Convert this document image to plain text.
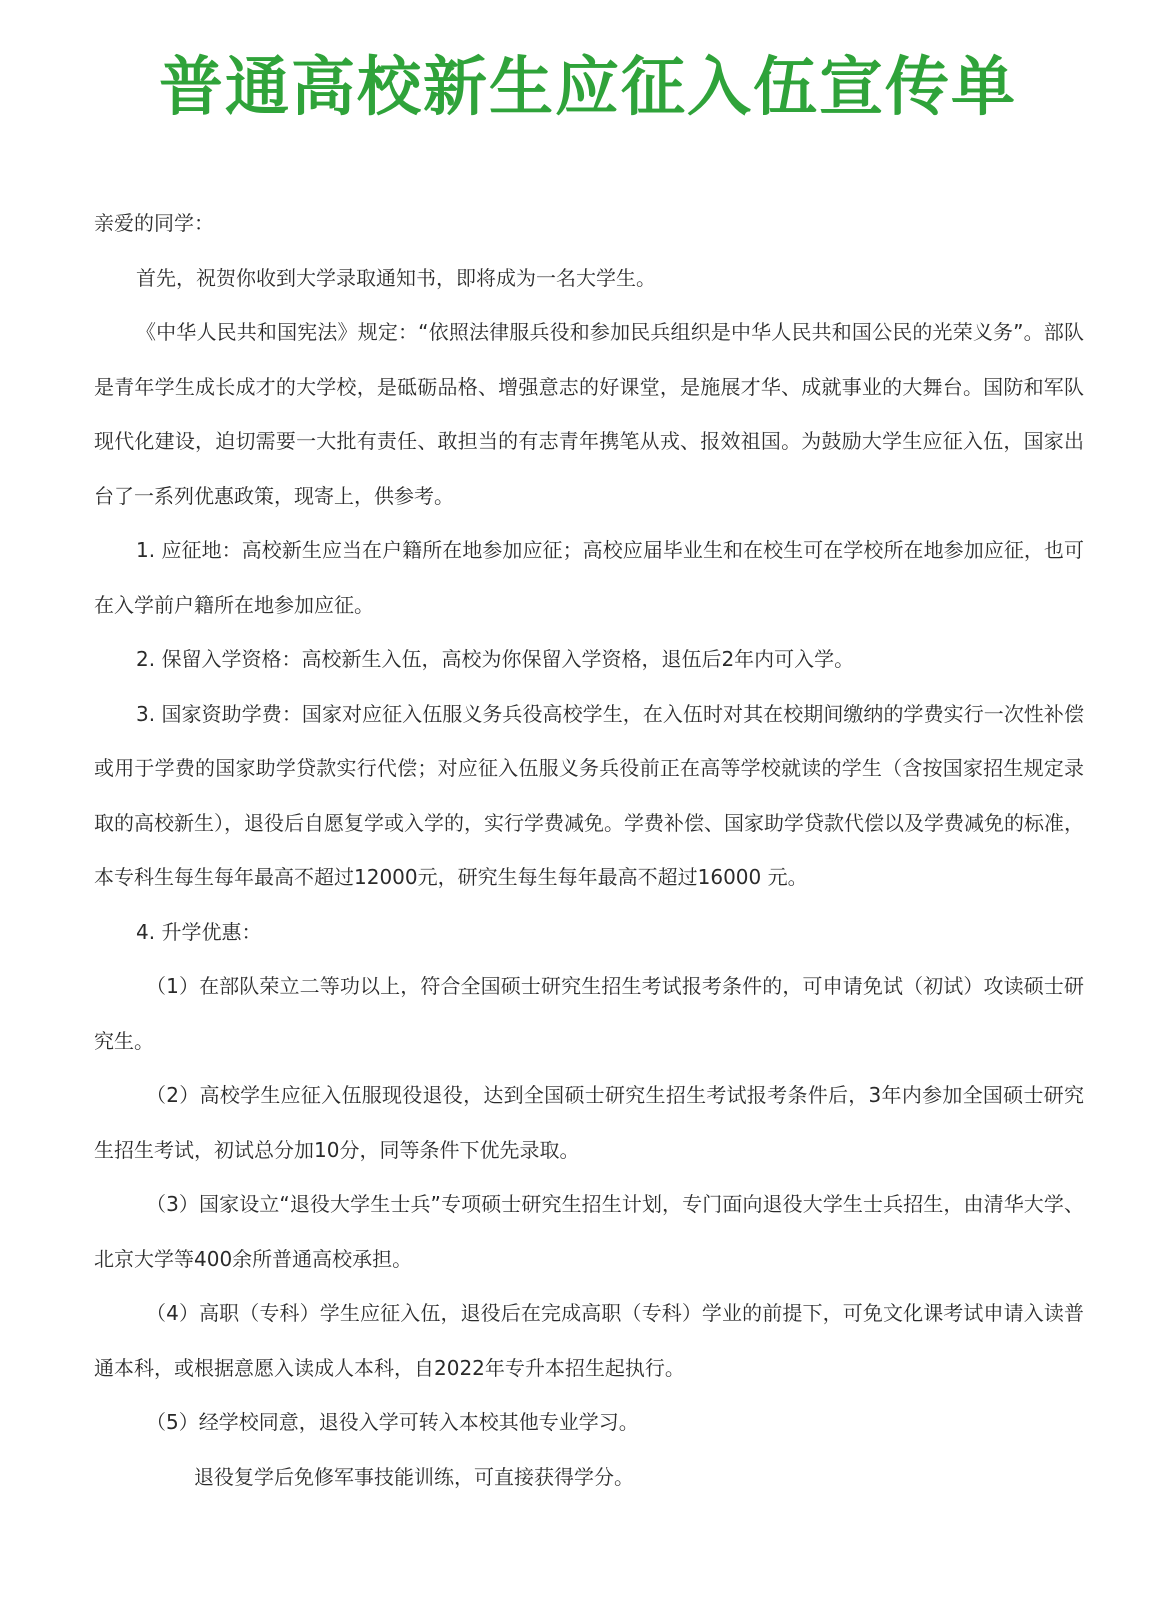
普通高校新生应征入伍宣传单

亲爱的同学：

首先，祝贺你收到大学录取通知书，即将成为一名大学生。

《中华人民共和国宪法》规定：“依照法律服兵役和参加民兵组织是中华人民共和国公民的光荣义务”。部队是青年学生成长成才的大学校，是砥砺品格、增强意志的好课堂，是施展才华、成就事业的大舞台。国防和军队现代化建设，迫切需要一大批有责任、敢担当的有志青年携笔从戎、报效祖国。为鼓励大学生应征入伍，国家出台了一系列优惠政策，现寄上，供参考。

1. 应征地：高校新生应当在户籍所在地参加应征；高校应届毕业生和在校生可在学校所在地参加应征，也可在入学前户籍所在地参加应征。

2. 保留入学资格：高校新生入伍，高校为你保留入学资格，退伍后2年内可入学。

3. 国家资助学费：国家对应征入伍服义务兵役高校学生，在入伍时对其在校期间缴纳的学费实行一次性补偿或用于学费的国家助学贷款实行代偿；对应征入伍服义务兵役前正在高等学校就读的学生（含按国家招生规定录取的高校新生），退役后自愿复学或入学的，实行学费减免。学费补偿、国家助学贷款代偿以及学费减免的标准，本专科生每生每年最高不超过12000元，研究生每生每年最高不超过16000 元。

4. 升学优惠：

（1）在部队荣立二等功以上，符合全国硕士研究生招生考试报考条件的，可申请免试（初试）攻读硕士研究生。

（2）高校学生应征入伍服现役退役，达到全国硕士研究生招生考试报考条件后，3年内参加全国硕士研究生招生考试，初试总分加10分，同等条件下优先录取。

（3）国家设立“退役大学生士兵”专项硕士研究生招生计划，专门面向退役大学生士兵招生，由清华大学、北京大学等400余所普通高校承担。

（4）高职（专科）学生应征入伍，退役后在完成高职（专科）学业的前提下，可免文化课考试申请入读普通本科，或根据意愿入读成人本科，自2022年专升本招生起执行。

（5）经学校同意，退役入学可转入本校其他专业学习。

退役复学后免修军事技能训练，可直接获得学分。
